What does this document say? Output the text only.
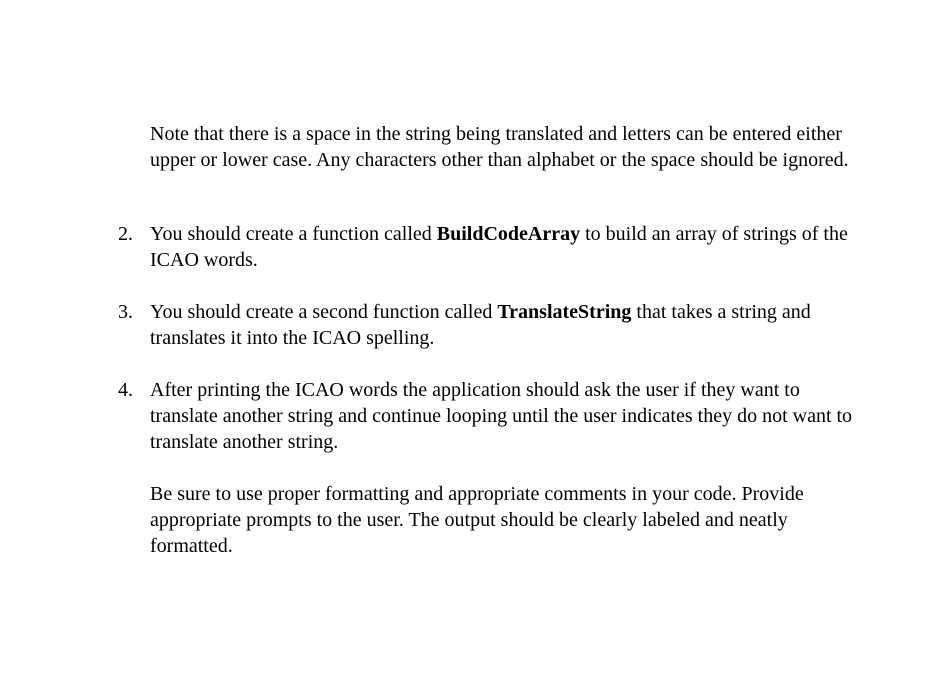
Note that there is a space in the string being translated and letters can be entered either upper or lower case. Any characters other than alphabet or the space should be ignored.

2. You should create a function called BuildCodeArray to build an array of strings of the ICAO words.
3. You should create a second function called TranslateString that takes a string and translates it into the ICAO spelling.
4. After printing the ICAO words the application should ask the user if they want to translate another string and continue looping until the user indicates they do not want to translate another string.

Be sure to use proper formatting and appropriate comments in your code. Provide appropriate prompts to the user. The output should be clearly labeled and neatly formatted.
